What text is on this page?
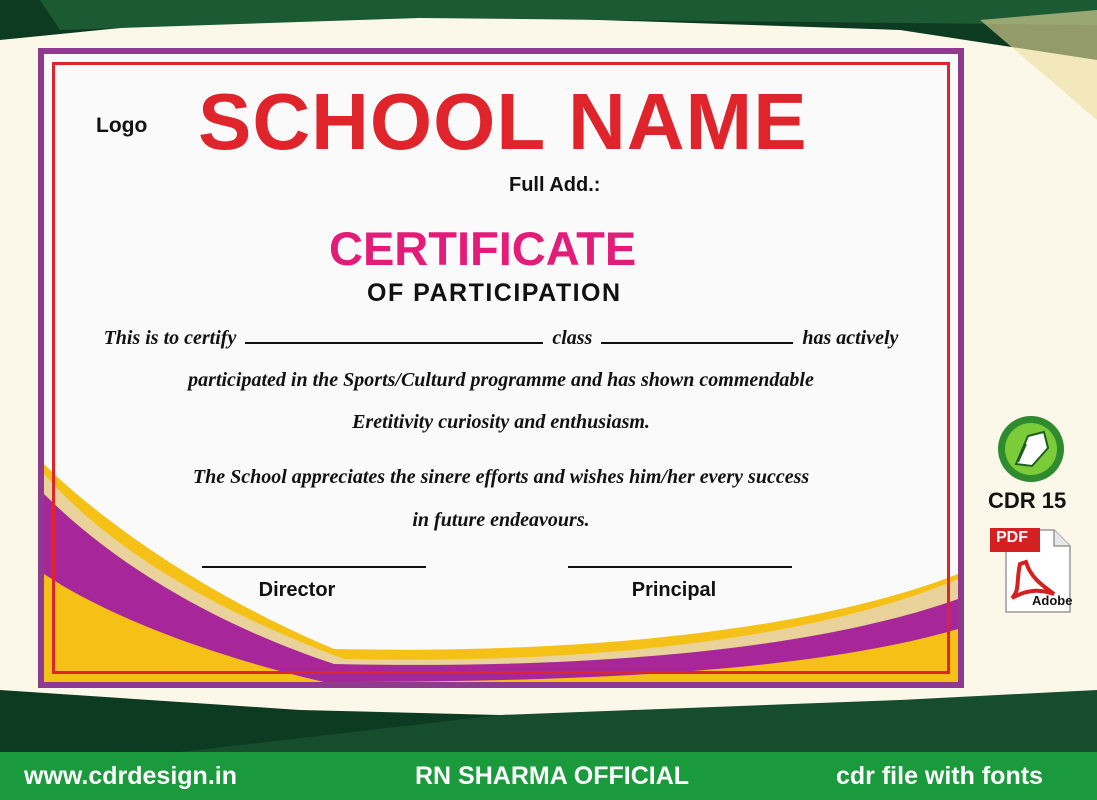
Logo SCHOOL NAME
Full Add.:
CERTIFICATE
OF PARTICIPATION
This is to certify	class	has actively
participated in the Sports/Culturd programme and has shown commendable
Eretitivity curiosity and enthusiasm.
The School appreciates the sinere efforts and wishes him/her every success
in future endeavours.
Director	Principal
CDR 15
PDF
Adobe
www.cdrdesign.in	RN SHARMA OFFICIAL	cdr file with fonts
